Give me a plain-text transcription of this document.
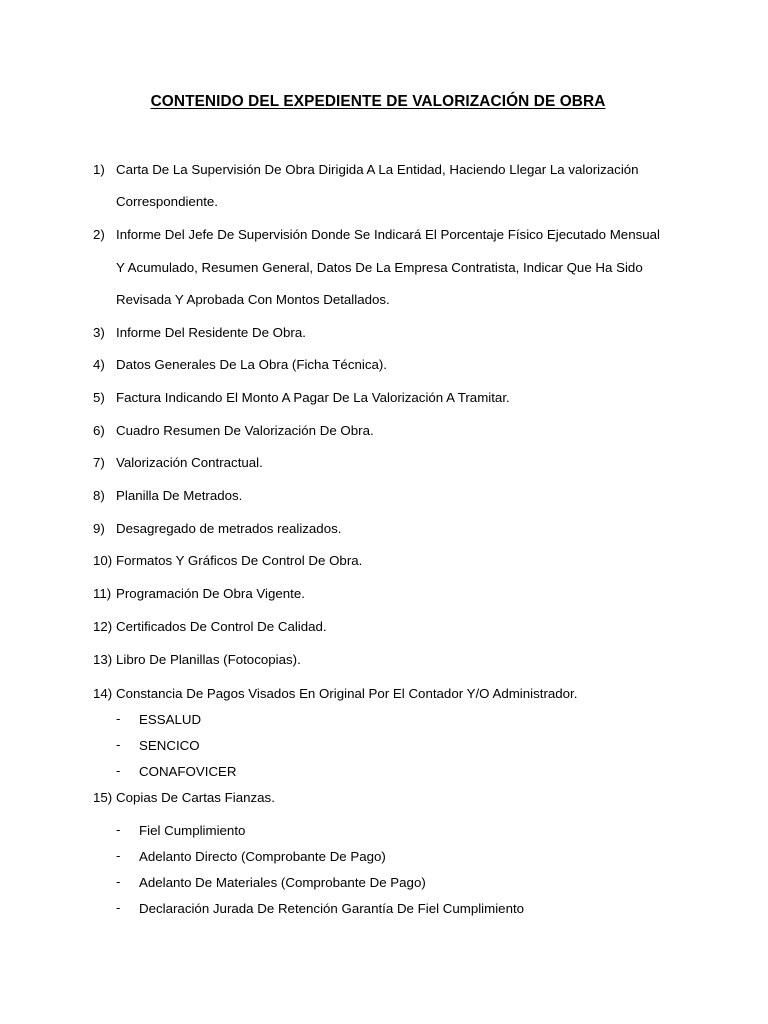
CONTENIDO DEL EXPEDIENTE DE VALORIZACIÓN DE OBRA
1) Carta De La Supervisión De Obra Dirigida A La Entidad, Haciendo Llegar La valorización
Correspondiente.
2) Informe Del Jefe De Supervisión Donde Se Indicará El Porcentaje Físico Ejecutado Mensual
Y Acumulado, Resumen General, Datos De La Empresa Contratista, Indicar Que Ha Sido
Revisada Y Aprobada Con Montos Detallados.
3) Informe Del Residente De Obra.
4) Datos Generales De La Obra (Ficha Técnica).
5) Factura Indicando El Monto A Pagar De La Valorización A Tramitar.
6) Cuadro Resumen De Valorización De Obra.
7) Valorización Contractual.
8) Planilla De Metrados.
9) Desagregado de metrados realizados.
10) Formatos Y Gráficos De Control De Obra.
11) Programación De Obra Vigente.
12) Certificados De Control De Calidad.
13) Libro De Planillas (Fotocopias).
14) Constancia De Pagos Visados En Original Por El Contador Y/O Administrador.
- ESSALUD
- SENCICO
- CONAFOVICER
15) Copias De Cartas Fianzas.
- Fiel Cumplimiento
- Adelanto Directo (Comprobante De Pago)
- Adelanto De Materiales (Comprobante De Pago)
- Declaración Jurada De Retención Garantía De Fiel Cumplimiento
